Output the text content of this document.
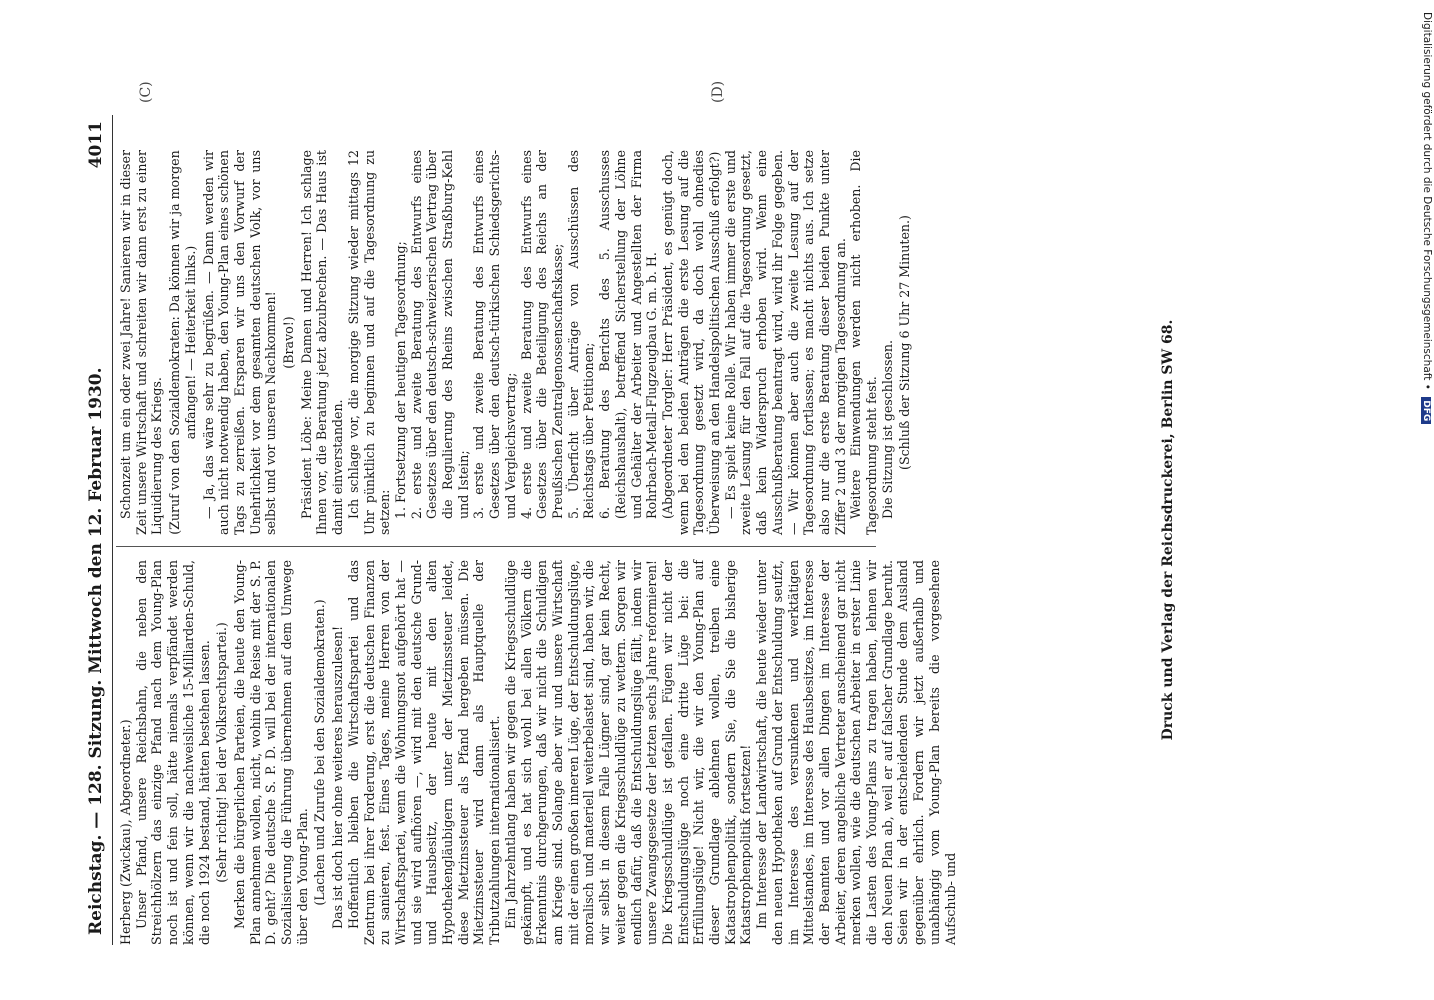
Reichstag. — 128. Sitzung. Mittwoch den 12. Februar 1930.
4011

Herberg (Zwickau), Abgeordneter.) Unser Pfand, unsere Reichsbahn, die neben den Streichhölzern das einzige Pfand nach dem Young-Plan noch ist und fein soll, hätte niemals verpfändet werden können, wenn wir die nachweisliche 15-Milliarden-Schuld, die noch 1924 bestand, hätten bestehen lassen. (Sehr richtig! bei der Volksrechtspartei.) Merken die bürgerlichen Parteien, die heute den Young-Plan annehmen wollen, nicht, wohin die Reise mit der S. P. D. geht? Die deutsche S. P. D. will bei der internationalen Sozialisierung die Führung übernehmen auf dem Umwege über den Young-Plan. (Lachen und Zurufe bei den Sozialdemokraten.) Das ist doch hier ohne weiteres herauszulesen! Hoffentlich bleiben die Wirtschaftspartei und das Zentrum bei ihrer Forderung, erst die deutschen Finanzen zu sanieren, fest. Eines Tages, meine Herren von der Wirtschaftspartei, wenn die Wohnungsnot aufgehört hat — und sie wird aufhören —, wird mit den deutsche Grund- und Hausbesitz, der heute mit den alten Hypothekengläubigern unter der Mietzinssteuer leidet, diese Mietzinssteuer als Pfand hergeben müssen. Die Mietzinssteuer wird dann als Hauptquelle der Tributzahlungen internationalisiert. Ein Jahrzehntlang haben wir gegen die Kriegsschuldlüge gekämpft, und es hat sich wohl bei allen Völkern die Erkenntnis durchgerungen, daß wir nicht die Schuldigen am Kriege sind. Solange aber wir und unsere Wirtschaft mit der einen großen inneren Lüge, der Entschuldungslüge, moralisch und materiell weiterbelastet sind, haben wir, die wir selbst in diesem Falle Lügner sind, gar kein Recht, weiter gegen die Kriegsschuldlüge zu wettern. Sorgen wir endlich dafür, daß die Entschuldungslüge fällt, indem wir unsere Zwangsgesetze der letzten sechs Jahre reformieren! Die Kriegsschuldlüge ist gefallen. Fügen wir nicht der Entschuldungslüge noch eine dritte Lüge bei: die Erfüllungslüge! Nicht wir, die wir den Young-Plan auf dieser Grundlage ablehnen wollen, treiben eine Katastrophenpolitik, sondern Sie, die Sie die bisherige Katastrophenpolitik fortsetzen! Im Interesse der Landwirtschaft, die heute wieder unter den neuen Hypotheken auf Grund der Entschuldung seufzt, im Interesse des versunkenen und werktätigen Mittelstandes, im Interesse des Hausbesitzes, im Interesse der Beamten und vor allen Dingen im Interesse der Arbeiter, deren angebliche Vertreter anscheinend gar nicht merken wollen, wie die deutschen Arbeiter in erster Linie die Lasten des Young-Plans zu tragen haben, lehnen wir den Neuen Plan ab, weil er auf falscher Grundlage beruht. Seien wir in der entscheidenden Stunde dem Ausland gegenüber ehrlich. Fordern wir jetzt außerhalb und unabhängig vom Young-Plan bereits die vorgesehene Aufschub- und

Schonzeit um ein oder zwei Jahre! Sanieren wir in dieser Zeit unsere Wirtschaft und schreiten wir dann erst zu einer Liquidierung des Kriegs. (Zuruf von den Sozialdemokraten: Da können wir ja morgen anfangen! — Heiterkeit links.) — Ja, das wäre sehr zu begrüßen. — Dann werden wir auch nicht notwendig haben, den Young-Plan eines schönen Tags zu zerreißen. Ersparen wir uns den Vorwurf der Unehrlichkeit vor dem gesamten deutschen Volk, vor uns selbst und vor unseren Nachkommen! (Bravo!) Präsident Löbe: Meine Damen und Herren! Ich schlage Ihnen vor, die Beratung jetzt abzubrechen. — Das Haus ist damit einverstanden. Ich schlage vor, die morgige Sitzung wieder mittags 12 Uhr pünktlich zu beginnen und auf die Tagesordnung zu setzen: 1. Fortsetzung der heutigen Tagesordnung; 2. erste und zweite Beratung des Entwurfs eines Gesetzes über den deutsch-schweizerischen Vertrag über die Regulierung des Rheins zwischen Straßburg-Kehl und Istein; 3. erste und zweite Beratung des Entwurfs eines Gesetzes über den deutsch-türkischen Schiedsgerichts- und Vergleichsvertrag; 4. erste und zweite Beratung des Entwurfs eines Gesetzes über die Beteiligung des Reichs an der Preußischen Zentralgenossenschaftskasse; 5. Überficht über Anträge von Ausschüssen des Reichstags über Petitionen; 6. Beratung des Berichts des 5. Ausschusses (Reichshaushalt), betreffend Sicherstellung der Löhne und Gehälter der Arbeiter und Angestellten der Firma Rohrbach-Metall-Flugzeugbau G. m. b. H. (Abgeordneter Torgler: Herr Präsident, es genügt doch, wenn bei den beiden Anträgen die erste Lesung auf die Tagesordnung gesetzt wird, da doch wohl ohnedies Überweisung an den Handelspolitischen Ausschuß erfolgt?) — Es spielt keine Rolle. Wir haben immer die erste und zweite Lesung für den Fall auf die Tagesordnung gesetzt, daß kein Widerspruch erhoben wird. Wenn eine Ausschußberatung beantragt wird, wird ihr Folge gegeben. — Wir können aber auch die zweite Lesung auf der Tagesordnung fortlassen; es macht nichts aus. Ich setze also nur die erste Beratung dieser beiden Punkte unter Ziffer 2 und 3 der morgigen Tagesordnung an. Weitere Einwendungen werden nicht erhoben. Die Tagesordnung steht fest. Die Sitzung ist geschlossen. (Schluß der Sitzung 6 Uhr 27 Minuten.)

(C)	(D)
Druck und Verlag der Reichsdruckerei, Berlin SW 68.
Digitalisierung gefördert durch die Deutsche Forschungsgemeinschaft • DFG
